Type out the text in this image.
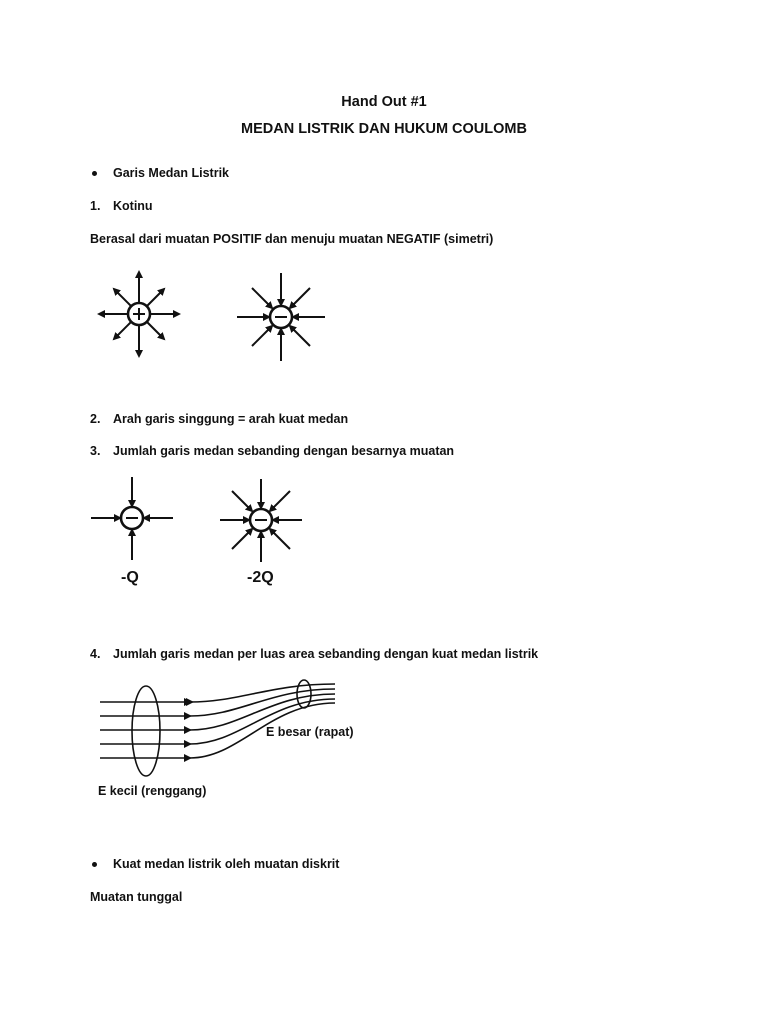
Hand Out #1
MEDAN LISTRIK DAN HUKUM COULOMB
Garis Medan Listrik
1. Kotinu
Berasal dari muatan POSITIF dan menuju muatan NEGATIF (simetri)
2. Arah garis singgung = arah kuat medan
3. Jumlah garis medan sebanding dengan besarnya muatan
-Q	-2Q
4. Jumlah garis medan per luas area sebanding dengan kuat medan listrik
E besar (rapat)
E kecil (renggang)
Kuat medan listrik oleh muatan diskrit
Muatan tunggal
